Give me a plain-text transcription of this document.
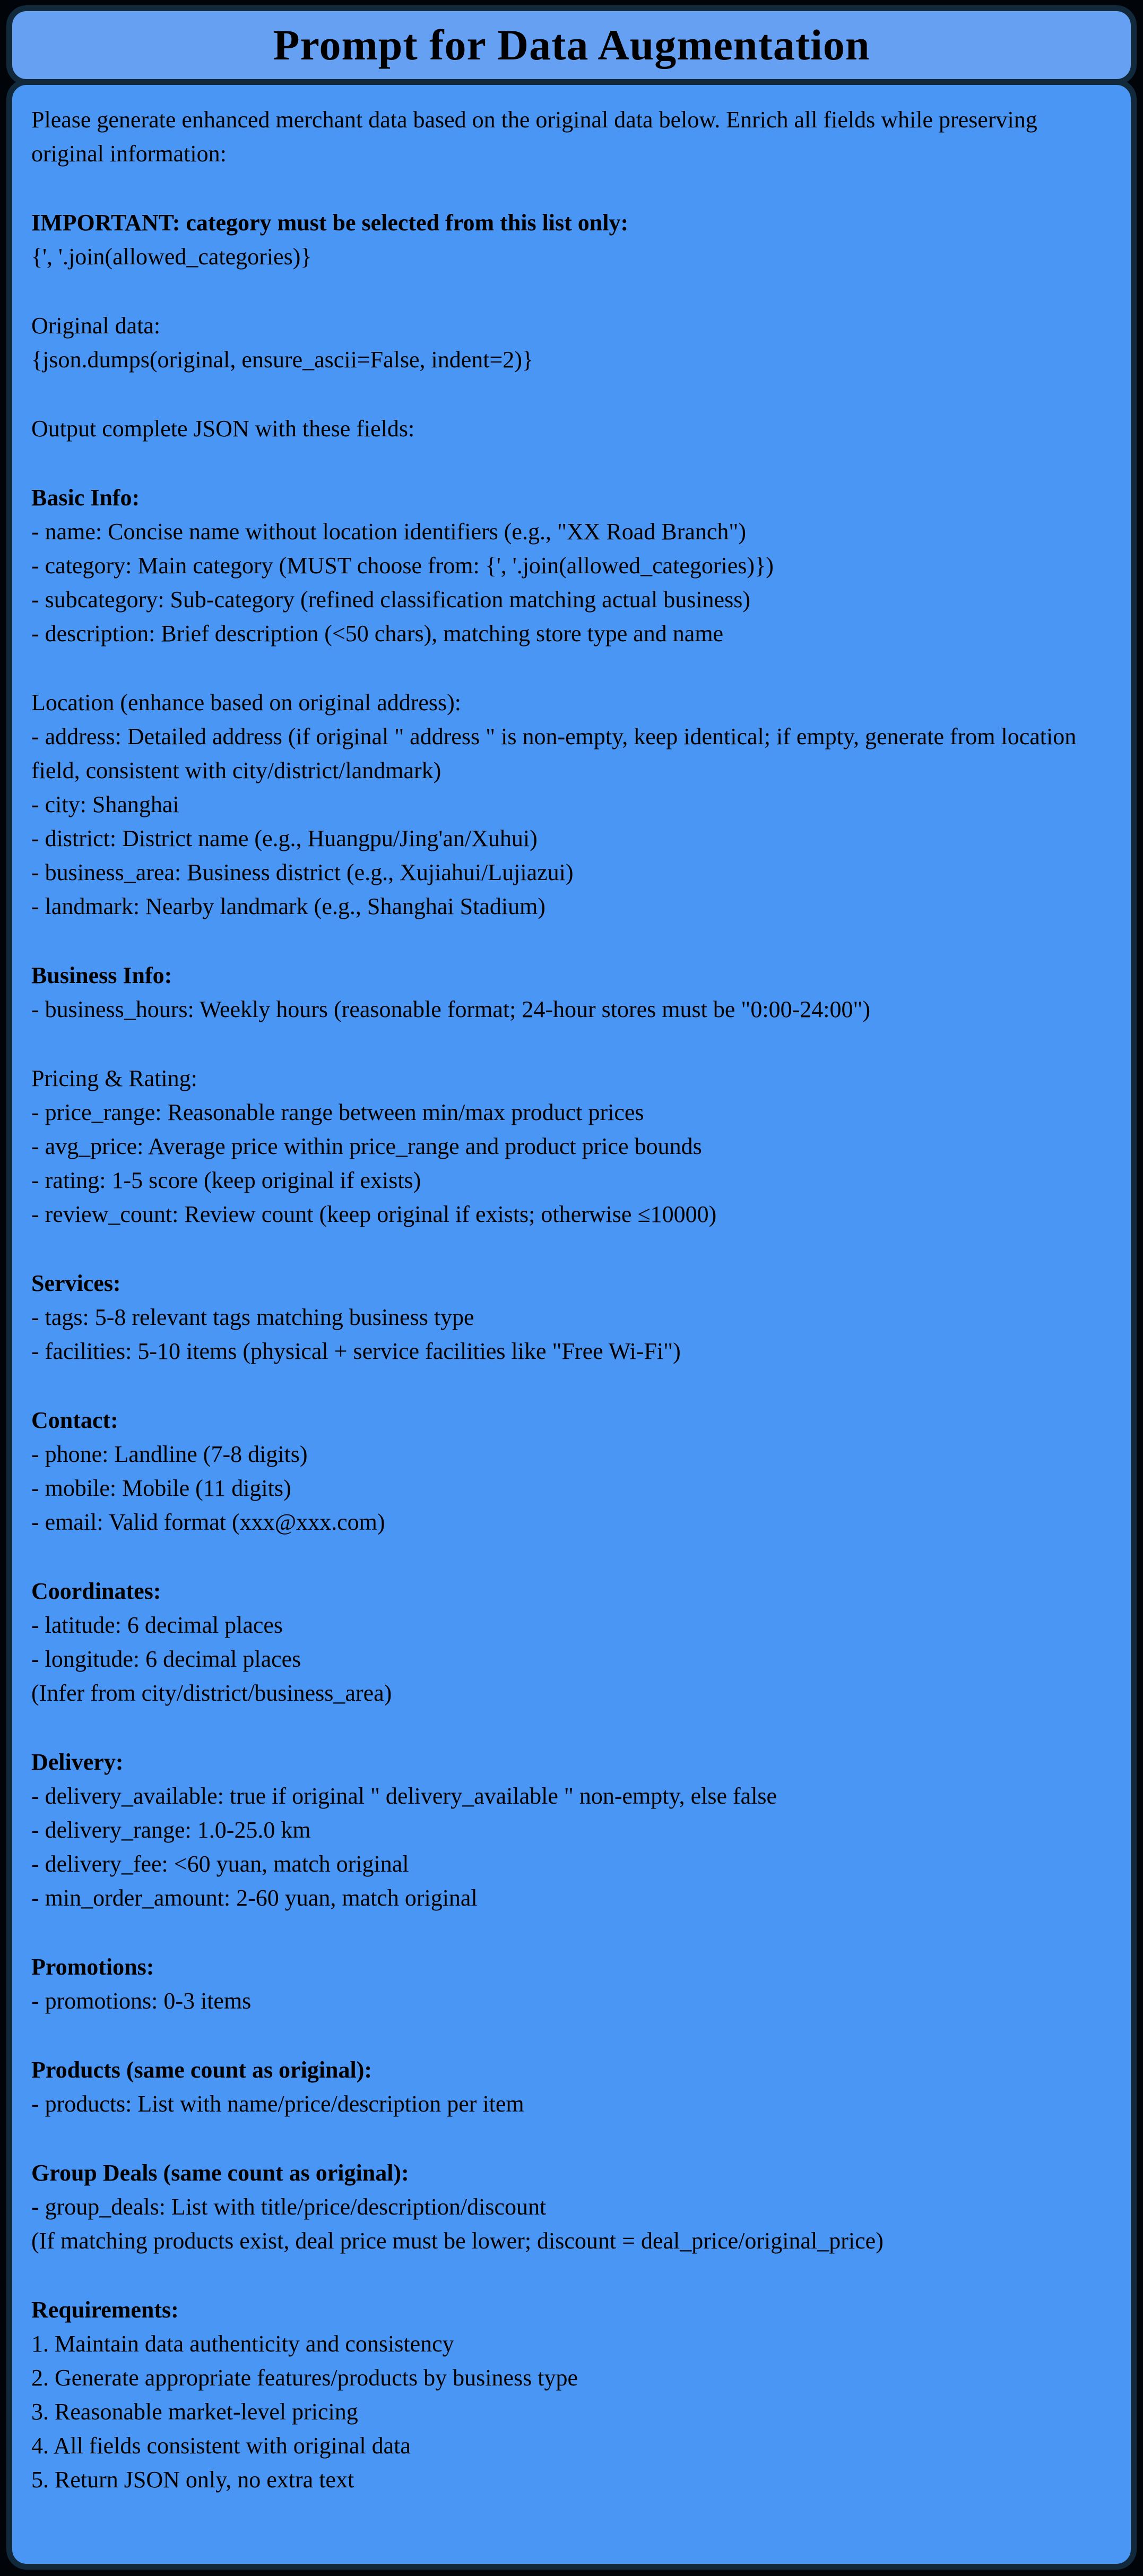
Prompt for Data Augmentation

Please generate enhanced merchant data based on the original data below. Enrich all fields while preserving original information:

IMPORTANT: category must be selected from this list only:

{', '.join(allowed_categories)}

Original data:

{json.dumps(original, ensure_ascii=False, indent=2)}

Output complete JSON with these fields:

Basic Info:

- name: Concise name without location identifiers (e.g., "XX Road Branch")

- category: Main category (MUST choose from: {', '.join(allowed_categories)})

- subcategory: Sub-category (refined classification matching actual business)

- description: Brief description (<50 chars), matching store type and name

Location (enhance based on original address):

- address: Detailed address (if original " address " is non-empty, keep identical; if empty, generate from location field, consistent with city/district/landmark)

- city: Shanghai

- district: District name (e.g., Huangpu/Jing'an/Xuhui)

- business_area: Business district (e.g., Xujiahui/Lujiazui)

- landmark: Nearby landmark (e.g., Shanghai Stadium)

Business Info:

- business_hours: Weekly hours (reasonable format; 24-hour stores must be "0:00-24:00")

Pricing & Rating:

- price_range: Reasonable range between min/max product prices

- avg_price: Average price within price_range and product price bounds

- rating: 1-5 score (keep original if exists)

- review_count: Review count (keep original if exists; otherwise ≤10000)

Services:

- tags: 5-8 relevant tags matching business type

- facilities: 5-10 items (physical + service facilities like "Free Wi-Fi")

Contact:

- phone: Landline (7-8 digits)

- mobile: Mobile (11 digits)

- email: Valid format (xxx@xxx.com)

Coordinates:

- latitude: 6 decimal places

- longitude: 6 decimal places

(Infer from city/district/business_area)

Delivery:

- delivery_available: true if original " delivery_available " non-empty, else false

- delivery_range: 1.0-25.0 km

- delivery_fee: <60 yuan, match original

- min_order_amount: 2-60 yuan, match original

Promotions:

- promotions: 0-3 items

Products (same count as original):

- products: List with name/price/description per item

Group Deals (same count as original):

- group_deals: List with title/price/description/discount

(If matching products exist, deal price must be lower; discount = deal_price/original_price)

Requirements:

1. Maintain data authenticity and consistency

2. Generate appropriate features/products by business type

3. Reasonable market-level pricing

4. All fields consistent with original data

5. Return JSON only, no extra text
